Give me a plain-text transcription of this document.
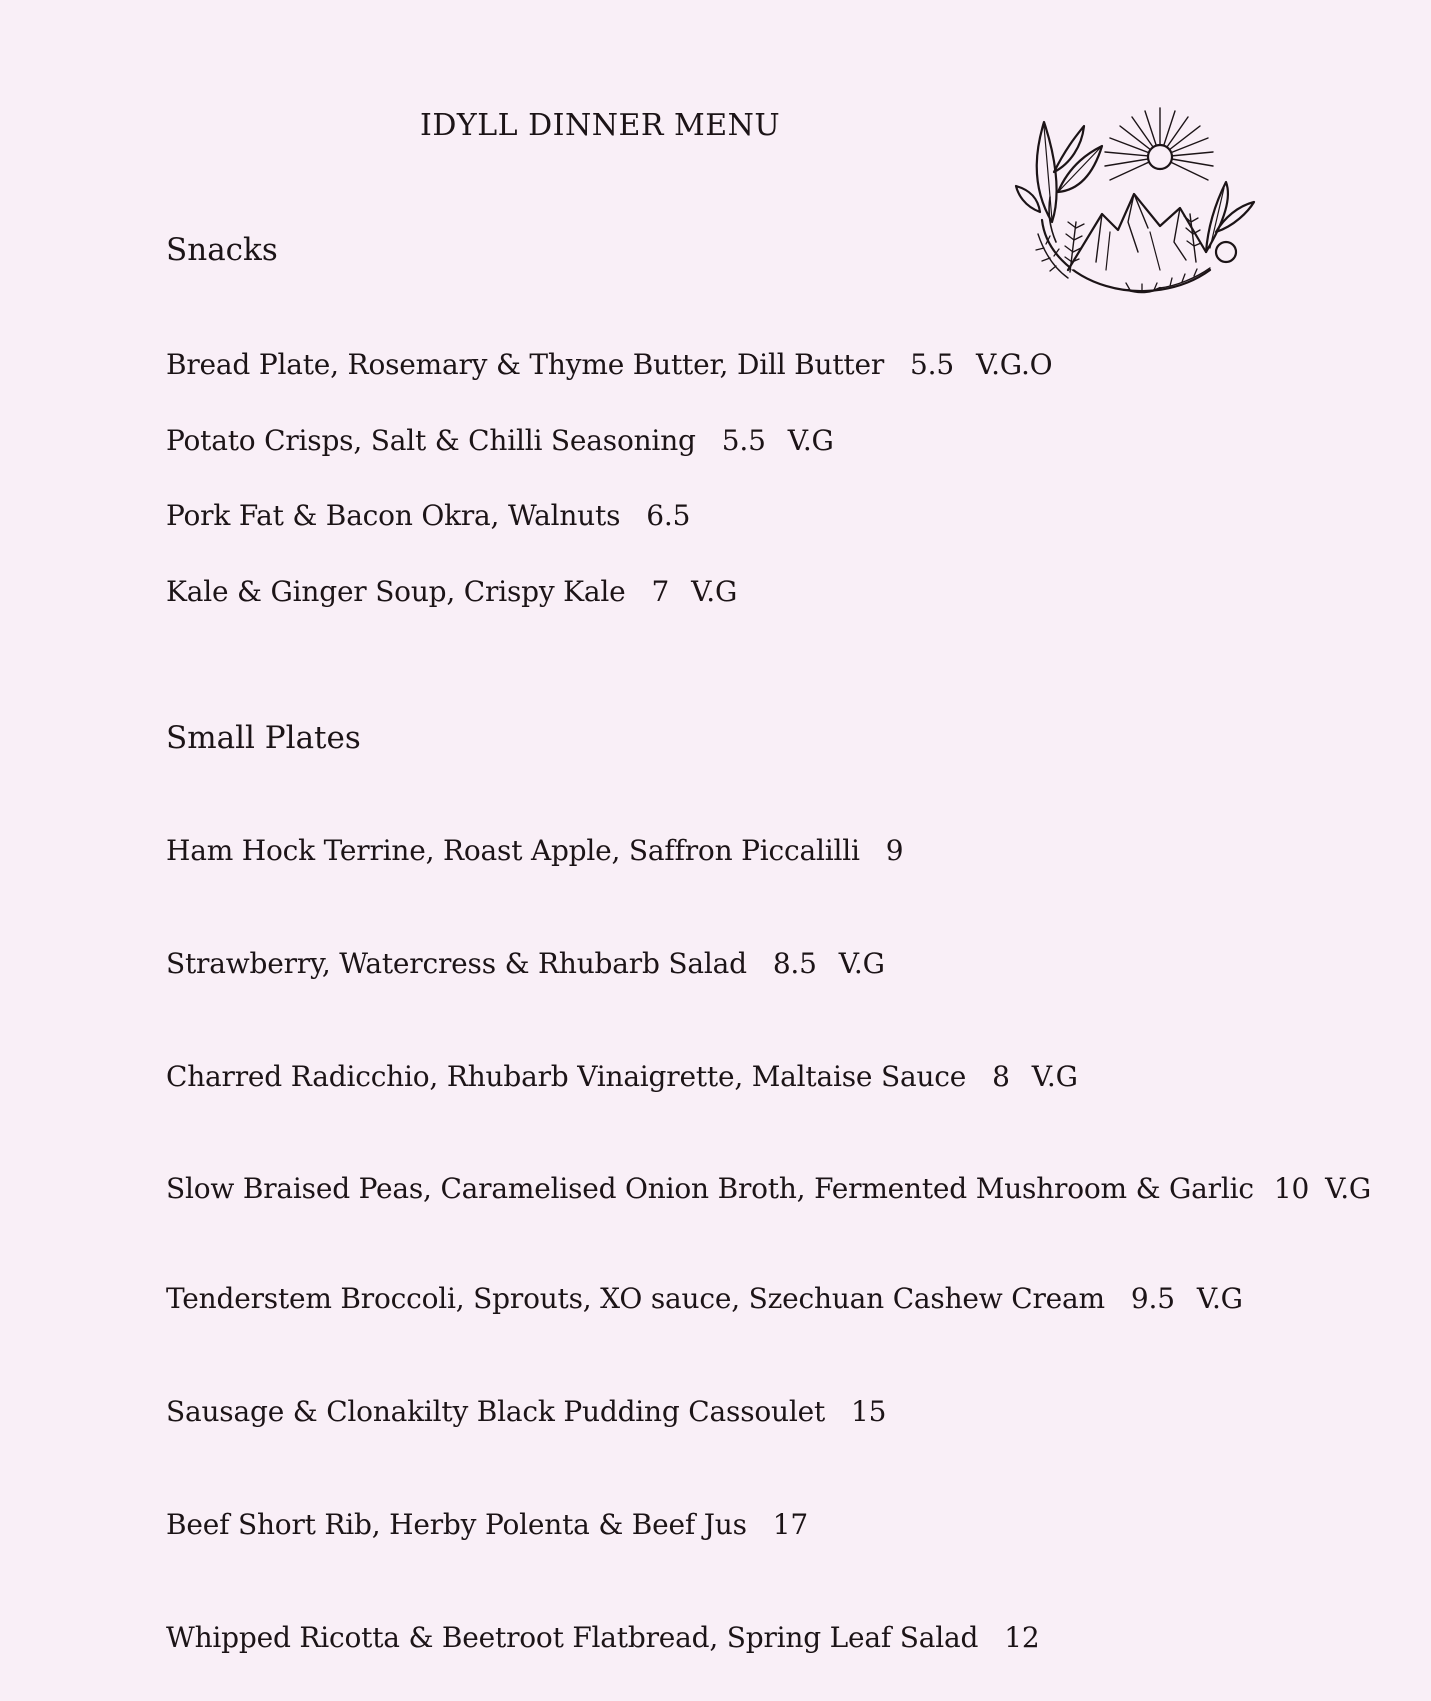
IDYLL DINNER MENU
Snacks
Bread Plate, Rosemary & Thyme Butter, Dill Butter 5.5 V.G.O
Potato Crisps, Salt & Chilli Seasoning 5.5 V.G
Pork Fat & Bacon Okra, Walnuts 6.5
Kale & Ginger Soup, Crispy Kale 7 V.G
Small Plates
Ham Hock Terrine, Roast Apple, Saffron Piccalilli 9
Strawberry, Watercress & Rhubarb Salad 8.5 V.G
Charred Radicchio, Rhubarb Vinaigrette, Maltaise Sauce 8 V.G
Slow Braised Peas, Caramelised Onion Broth, Fermented Mushroom & Garlic 10 V.G
Tenderstem Broccoli, Sprouts, XO sauce, Szechuan Cashew Cream 9.5 V.G
Sausage & Clonakilty Black Pudding Cassoulet 15
Beef Short Rib, Herby Polenta & Beef Jus 17
Whipped Ricotta & Beetroot Flatbread, Spring Leaf Salad 12
